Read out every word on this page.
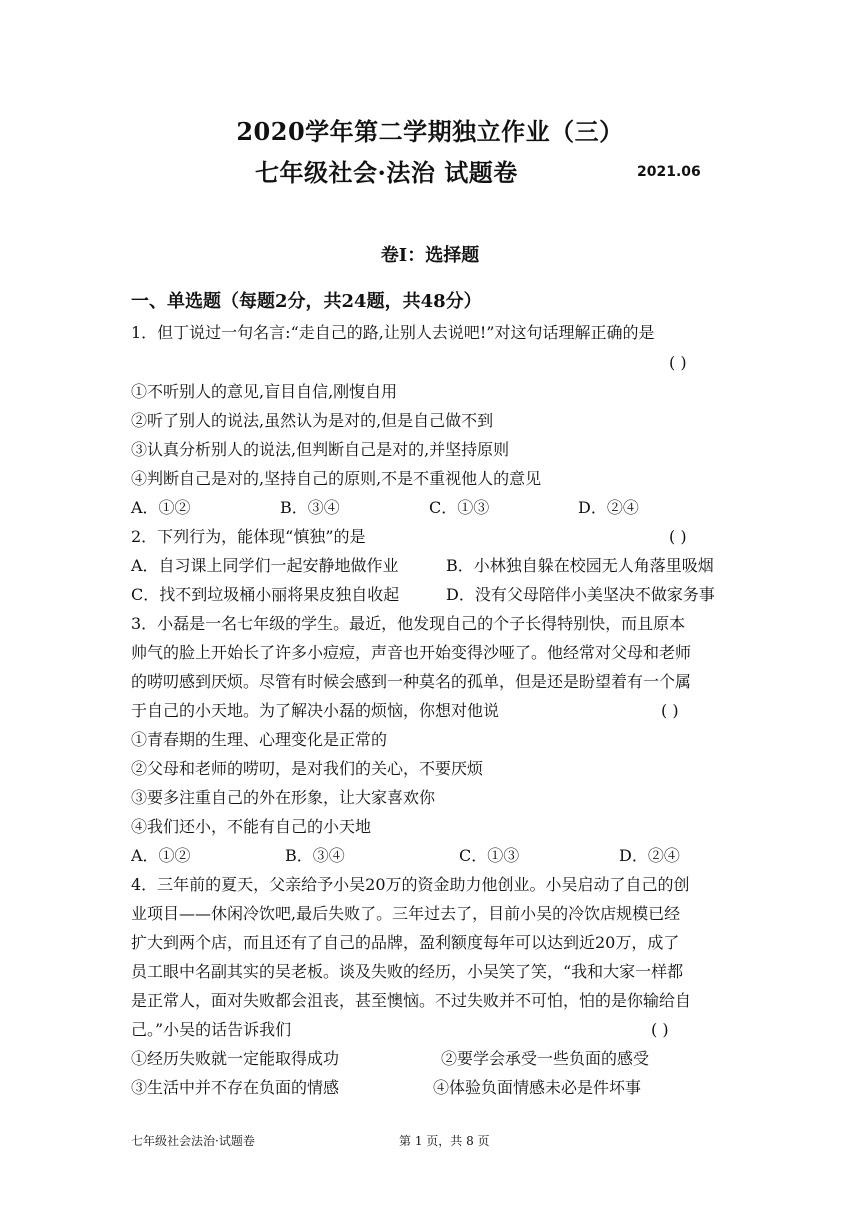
2020学年第二学期独立作业（三）
七年级社会·法治 试题卷	2021.06
卷Ⅰ：选择题
一、单选题（每题2分，共24题，共48分）
1．但丁说过一句名言:“走自己的路,让别人去说吧!”对这句话理解正确的是
( )
①不听别人的意见,盲目自信,刚愎自用
②听了别人的说法,虽然认为是对的,但是自己做不到
③认真分析别人的说法,但判断自己是对的,并坚持原则
④判断自己是对的,坚持自己的原则,不是不重视他人的意见
A．①②	B．③④	C．①③	D．②④
2．下列行为，能体现“慎独”的是	( )
A．自习课上同学们一起安静地做作业	B．小林独自躲在校园无人角落里吸烟
C．找不到垃圾桶小丽将果皮独自收起	D．没有父母陪伴小美坚决不做家务事
3．小磊是一名七年级的学生。最近，他发现自己的个子长得特别快，而且原本
帅气的脸上开始长了许多小痘痘，声音也开始变得沙哑了。他经常对父母和老师
的唠叨感到厌烦。尽管有时候会感到一种莫名的孤单，但是还是盼望着有一个属
于自己的小天地。为了解决小磊的烦恼，你想对他说	( )
①青春期的生理、心理变化是正常的
②父母和老师的唠叨，是对我们的关心，不要厌烦
③要多注重自己的外在形象，让大家喜欢你
④我们还小，不能有自己的小天地
A．①②	B．③④	C．①③	D．②④
4．三年前的夏天，父亲给予小吴20万的资金助力他创业。小吴启动了自己的创
业项目——休闲冷饮吧,最后失败了。三年过去了，目前小吴的冷饮店规模已经
扩大到两个店，而且还有了自己的品牌，盈利额度每年可以达到近20万，成了
员工眼中名副其实的吴老板。谈及失败的经历，小吴笑了笑，“我和大家一样都
是正常人，面对失败都会沮丧，甚至懊恼。不过失败并不可怕，怕的是你输给自
己。”小吴的话告诉我们	( )
①经历失败就一定能取得成功	②要学会承受一些负面的感受
③生活中并不存在负面的情感	④体验负面情感未必是件坏事
七年级社会法治·试题卷	第 1 页，共 8 页
